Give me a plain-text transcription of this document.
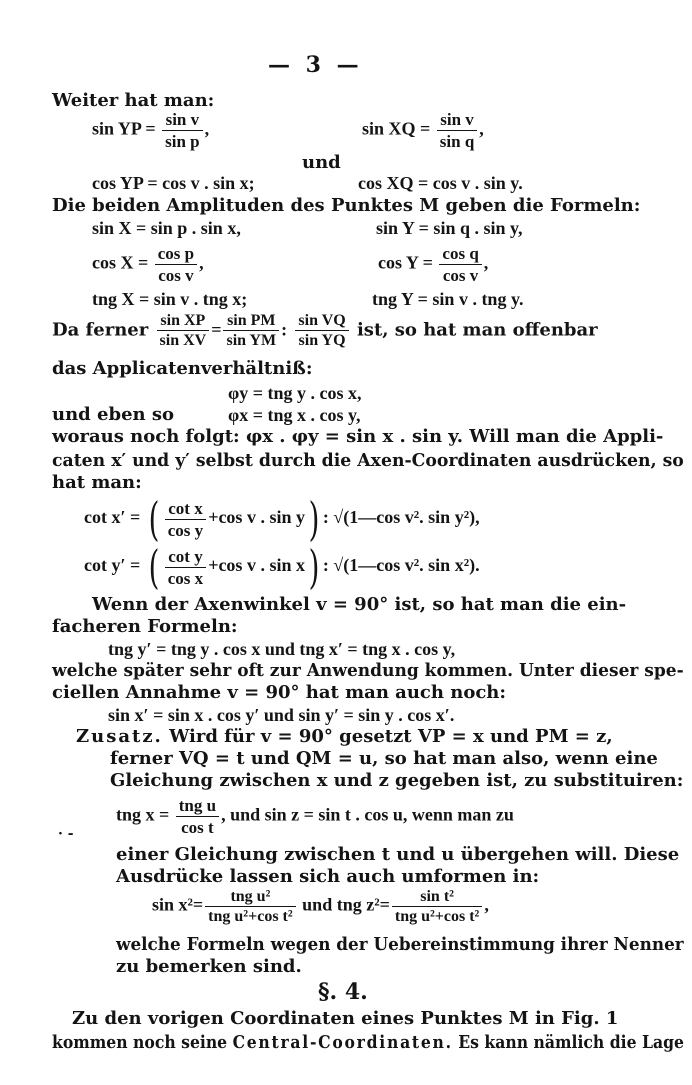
— 3 —
Weiter hat man:
sin YP = $\frac{\text{sin v}}{\text{sin p}}$ ,	sin XQ = $\frac{\text{sin v}}{\text{sin q}}$ ,
und
cos YP = cos v . sin x;	cos XQ = cos v . sin y.
Die beiden Amplituden des Punktes M geben die Formeln:
sin X = sin p . sin x,	sin Y = sin q . sin y,
$\cos X = \frac{\text{cos p}}{\text{cos v}}$ ,	$\cos Y = \frac{\text{cos q}}{\text{cos v}}$ ,
tng X = sin v . tng x;	tng Y = sin v . tng y.
Da ferner $\frac{\text{sin XP}}{\text{sin XV}} = \frac{\text{sin PM}}{\text{sin YM}}$ : $\frac{\text{sin VQ}}{\text{sin YQ}}$ ist, so hat man offenbar
das Applicatenverhältniß:
φy = tng y . cos x,
und eben so	φx = tng x . cos y,
woraus noch folgt: φx . φy = sin x . sin y. Will man die Appli-
caten x′ und y′ selbst durch die Axen-Coordinaten ausdrücken, so
hat man:
cot x′ = ( $\frac{\text{cot x}}{\text{cos y}} +\cos$ v . sin y) : √(1—cos v². sin y²),
cot y′ = ( $\frac{\text{cot y}}{\text{cos x}} +\cos$ v . sin x) : √(1—cos v². sin x²).
Wenn der Axenwinkel v = 90° ist, so hat man die ein-
facheren Formeln:
tng y′ = tng y . cos x und tng x′ = tng x . cos y,
welche später sehr oft zur Anwendung kommen. Unter dieser spe-
ciellen Annahme v = 90° hat man auch noch:
sin x′ = sin x . cos y′ und sin y′ = sin y . cos x′.
Zusatz. Wird für v = 90° gesetzt VP = x und PM = z,
ferner VQ = t und QM = u, so hat man also, wenn eine
Gleichung zwischen x und z gegeben ist, zu substituiren:
tng x = tng u
cos t
, und sin z = sin t . cos u, wenn man zu
· -
einer Gleichung zwischen t und u übergehen will. Diese
Ausdrücke lassen sich auch umformen in:
sin x²=	tng u²
tng u²+cos t²
und tng z²=	sin t²
tng u²+cos t²
,
welche Formeln wegen der Uebereinstimmung ihrer Nenner
zu bemerken sind.
§. 4.
Zu den vorigen Coordinaten eines Punktes M in Fig. 1
kommen noch seine Central-Coordinaten. Es kann nämlich die Lage
